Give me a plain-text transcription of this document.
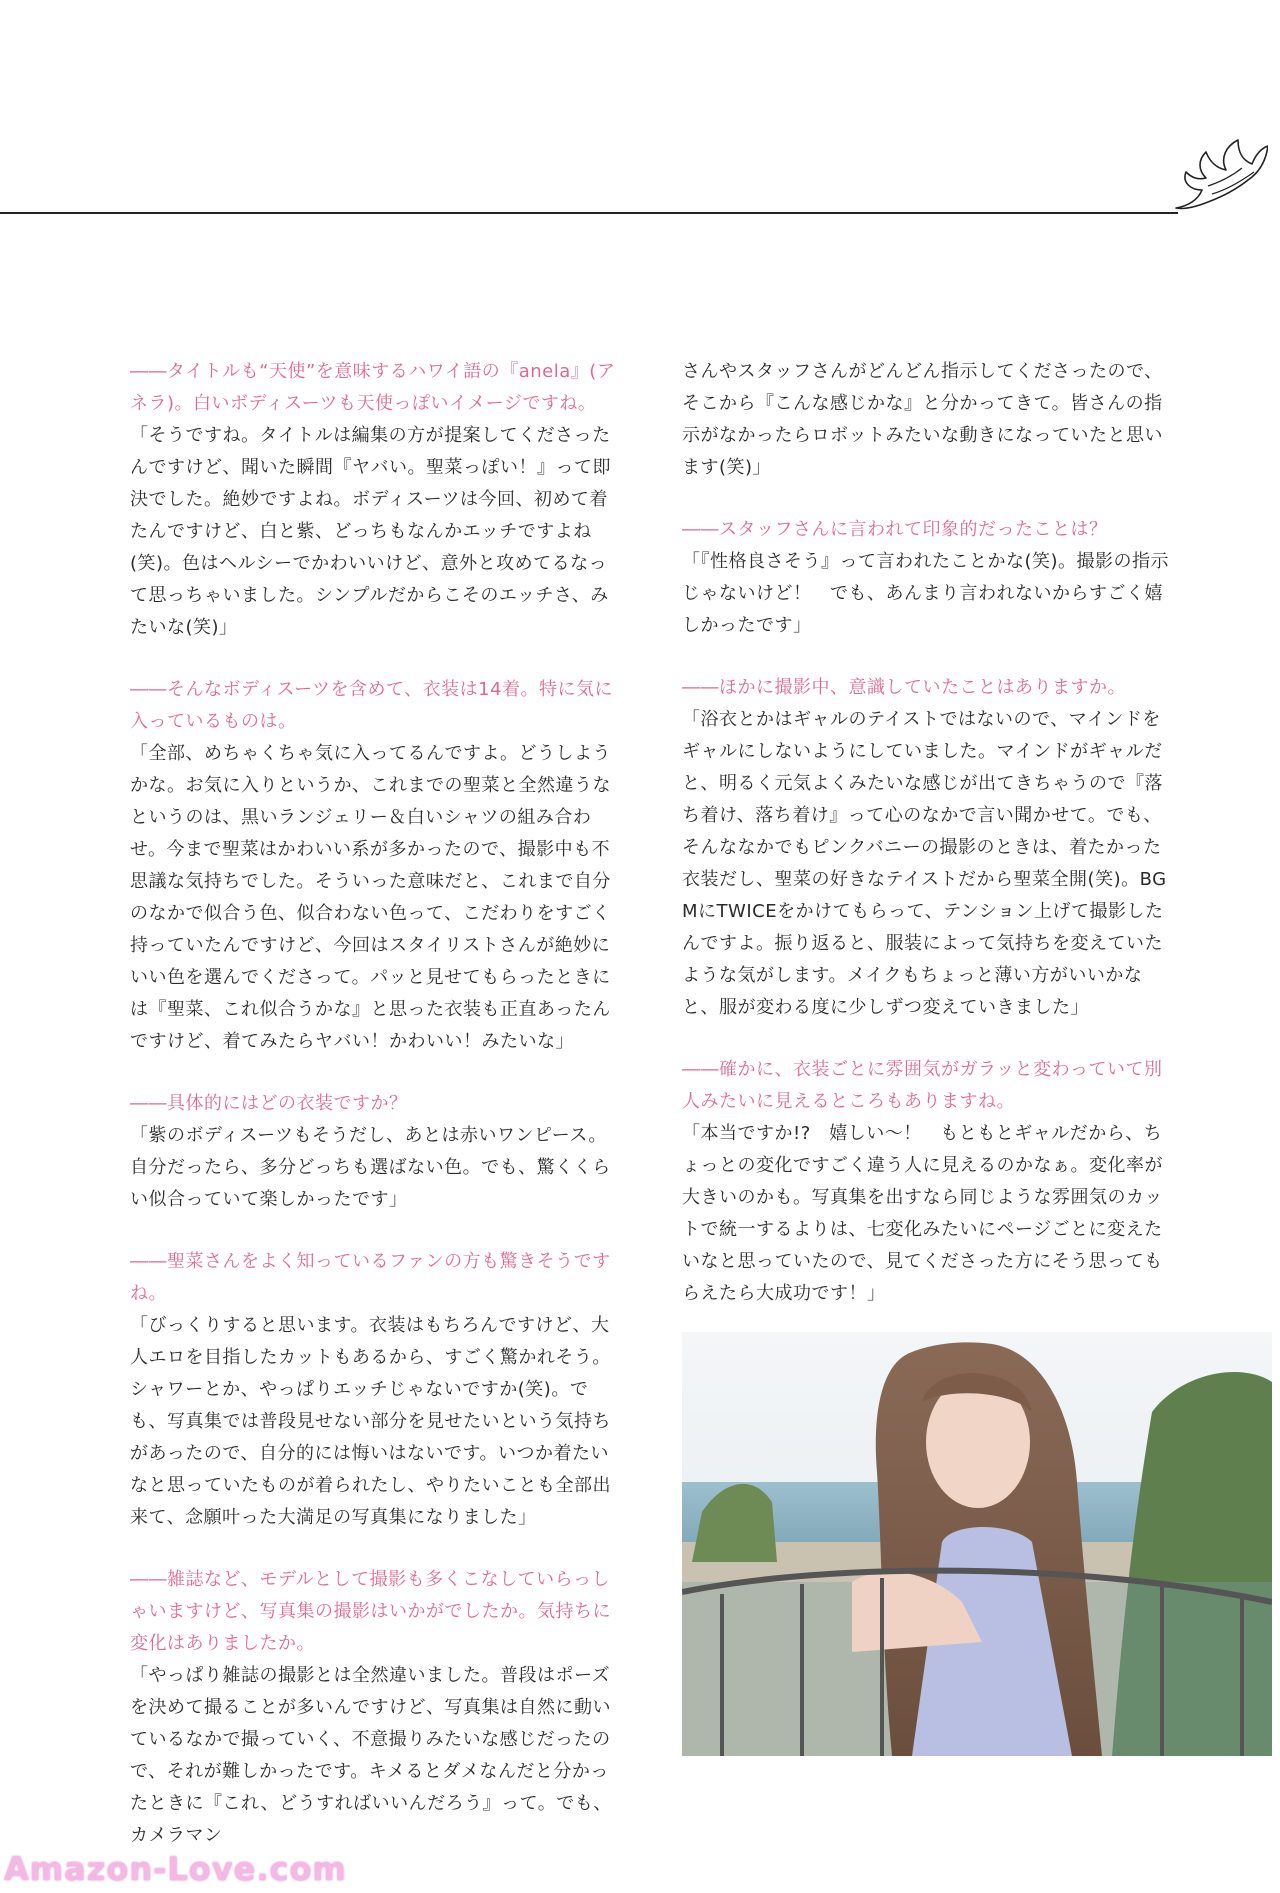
――タイトルも“天使”を意味するハワイ語の『anela』(アネラ)。白いボディスーツも天使っぽいイメージですね。

「そうですね。タイトルは編集の方が提案してくださったんですけど、聞いた瞬間『ヤバい。聖菜っぽい！』って即決でした。絶妙ですよね。ボディスーツは今回、初めて着たんですけど、白と紫、どっちもなんかエッチですよね(笑)。色はヘルシーでかわいいけど、意外と攻めてるなって思っちゃいました。シンプルだからこそのエッチさ、みたいな(笑)」

――そんなボディスーツを含めて、衣装は14着。特に気に入っているものは。

「全部、めちゃくちゃ気に入ってるんですよ。どうしようかな。お気に入りというか、これまでの聖菜と全然違うなというのは、黒いランジェリー＆白いシャツの組み合わせ。今まで聖菜はかわいい系が多かったので、撮影中も不思議な気持ちでした。そういった意味だと、これまで自分のなかで似合う色、似合わない色って、こだわりをすごく持っていたんですけど、今回はスタイリストさんが絶妙にいい色を選んでくださって。パッと見せてもらったときには『聖菜、これ似合うかな』と思った衣装も正直あったんですけど、着てみたらヤバい！かわいい！みたいな」

――具体的にはどの衣装ですか？

「紫のボディスーツもそうだし、あとは赤いワンピース。自分だったら、多分どっちも選ばない色。でも、驚くくらい似合っていて楽しかったです」

――聖菜さんをよく知っているファンの方も驚きそうですね。

「びっくりすると思います。衣装はもちろんですけど、大人エロを目指したカットもあるから、すごく驚かれそう。シャワーとか、やっぱりエッチじゃないですか(笑)。でも、写真集では普段見せない部分を見せたいという気持ちがあったので、自分的には悔いはないです。いつか着たいなと思っていたものが着られたし、やりたいことも全部出来て、念願叶った大満足の写真集になりました」

――雑誌など、モデルとして撮影も多くこなしていらっしゃいますけど、写真集の撮影はいかがでしたか。気持ちに変化はありましたか。

「やっぱり雑誌の撮影とは全然違いました。普段はポーズを決めて撮ることが多いんですけど、写真集は自然に動いているなかで撮っていく、不意撮りみたいな感じだったので、それが難しかったです。キメるとダメなんだと分かったときに『これ、どうすればいいんだろう』って。でも、カメラマン

さんやスタッフさんがどんどん指示してくださったので、そこから『こんな感じかな』と分かってきて。皆さんの指示がなかったらロボットみたいな動きになっていたと思います(笑)」

――スタッフさんに言われて印象的だったことは？

「『性格良さそう』って言われたことかな(笑)。撮影の指示じゃないけど！　でも、あんまり言われないからすごく嬉しかったです」

――ほかに撮影中、意識していたことはありますか。

「浴衣とかはギャルのテイストではないので、マインドをギャルにしないようにしていました。マインドがギャルだと、明るく元気よくみたいな感じが出てきちゃうので『落ち着け、落ち着け』って心のなかで言い聞かせて。でも、そんななかでもピンクバニーの撮影のときは、着たかった衣装だし、聖菜の好きなテイストだから聖菜全開(笑)。BGMにTWICEをかけてもらって、テンション上げて撮影したんですよ。振り返ると、服装によって気持ちを変えていたような気がします。メイクもちょっと薄い方がいいかなと、服が変わる度に少しずつ変えていきました」

――確かに、衣装ごとに雰囲気がガラッと変わっていて別人みたいに見えるところもありますね。

「本当ですか!?　嬉しい～！　もともとギャルだから、ちょっとの変化ですごく違う人に見えるのかなぁ。変化率が大きいのかも。写真集を出すなら同じような雰囲気のカットで統一するよりは、七変化みたいにページごとに変えたいなと思っていたので、見てくださった方にそう思ってもらえたら大成功です！」

Amazon-Love.com
